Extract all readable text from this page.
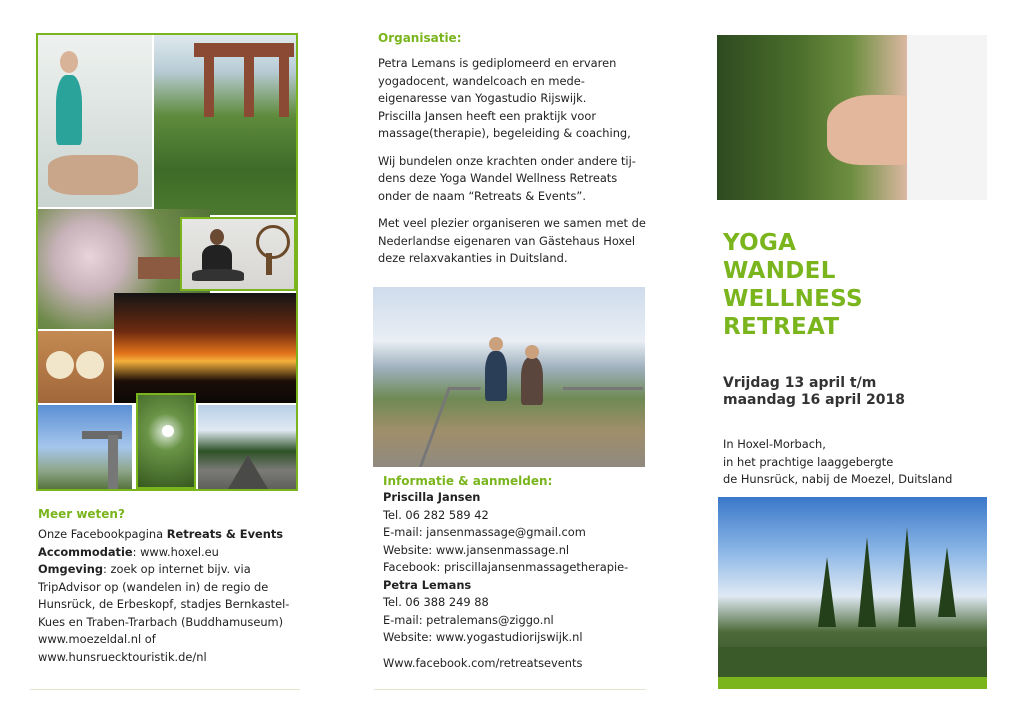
Meer weten?

Onze Facebookpagina Retreats & Events

Accommodatie: www.hoxel.eu

Omgeving: zoek op internet bijv. via

TripAdvisor op (wandelen in) de regio de

Hunsrück, de Erbeskopf, stadjes Bernkastel-

Kues en Traben-Trarbach (Buddhamuseum)

www.moezeldal.nl of

www.hunsruecktouristik.de/nl

Organisatie:

Petra Lemans is gediplomeerd en ervaren

yogadocent, wandelcoach en mede-

eigenaresse van Yogastudio Rijswijk.

Priscilla Jansen heeft een praktijk voor

massage(therapie), begeleiding & coaching,

Wij bundelen onze krachten onder andere tij-

dens deze Yoga Wandel Wellness Retreats

onder de naam “Retreats & Events”.

Met veel plezier organiseren we samen met de

Nederlandse eigenaren van Gästehaus Hoxel

deze relaxvakanties in Duitsland.

Informatie & aanmelden:

Priscilla Jansen

Tel. 06 282 589 42

E-mail: jansenmassage@gmail.com

Website: www.jansenmassage.nl

Facebook: priscillajansenmassagetherapie-

Petra Lemans

Tel. 06 388 249 88

E-mail: petralemans@ziggo.nl

Website: www.yogastudiorijswijk.nl

Www.facebook.com/retreatsevents
YOGA
WANDEL
WELLNESS
RETREAT
Vrijdag 13 april t/m
maandag 16 april 2018

In Hoxel-Morbach,

in het prachtige laaggebergte

de Hunsrück, nabij de Moezel, Duitsland
